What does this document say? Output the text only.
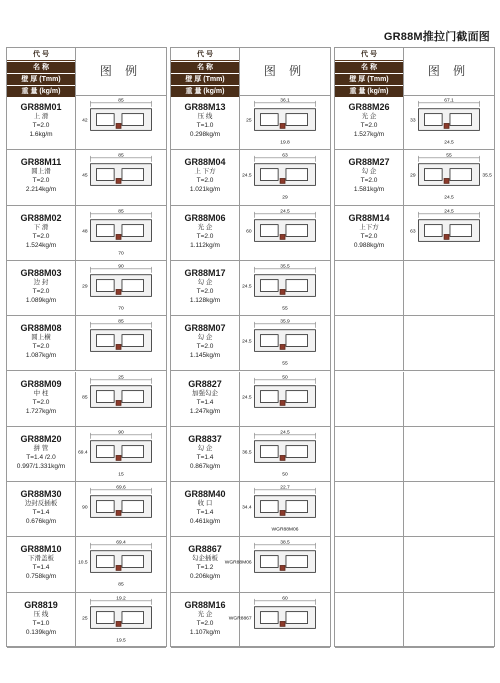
GR88M推拉门截面图
代 号
名 称
壁 厚 (Tmm)
重 量 (kg/m)
图 例
GR88M01
上 滑
T=2.0
1.6kg/m
85
42
GR88M11
圆上滑
T=2.0
2.214kg/m
85
45
GR88M02
下 滑
T=2.0
1.524kg/m
85
48
70
GR88M03
边 封
T=2.0
1.089kg/m
90
29
70
GR88M08
圆上横
T=2.0
1.087kg/m
85
GR88M09
中 柱
T=2.0
1.727kg/m
25
85
GR88M20
拼 管
T=1.4 /2.0
0.997/1.331kg/m
90
69.4
15
GR88M30
边封反插板
T=1.4
0.676kg/m
69.6
90
GR88M10
下滑盖板
T=1.4
0.758kg/m
69.4
10.5
85
GR8819
压 线
T=1.0
0.139kg/m
19.2
25
19.5
代 号
名 称
壁 厚 (Tmm)
重 量 (kg/m)
图 例
GR88M13
压 线
T=1.0
0.298kg/m
36.1
25
19.8
GR88M04
上 下方
T=2.0
1.021kg/m
63
24.5
29
GR88M06
光 企
T=2.0
1.112kg/m
24.5
60
GR88M17
勾 企
T=2.0
1.128kg/m
35.5
24.5
55
GR88M07
勾 企
T=2.0
1.145kg/m
35.9
24.5
55
GR8827
加强勾企
T=1.4
1.247kg/m
50
24.5
GR8837
勾 企
T=1.4
0.867kg/m
24.5
36.5
50
GR88M40
收 口
T=1.4
0.461kg/m
22.7
34.4
WGR88M06
GR8867
勾企插板
T=1.2
0.206kg/m
38.5
WGR88M06
GR88M16
光 企
T=2.0
1.107kg/m
60
WGR8867
代 号
名 称
壁 厚 (Tmm)
重 量 (kg/m)
图 例
GR88M26
光 企
T=2.0
1.527kg/m
67.1
33
24.5
GR88M27
勾 企
T=2.0
1.581kg/m
55
29
24.5
35.5
GR88M14
上下方
T=2.0
0.988kg/m
24.5
63
